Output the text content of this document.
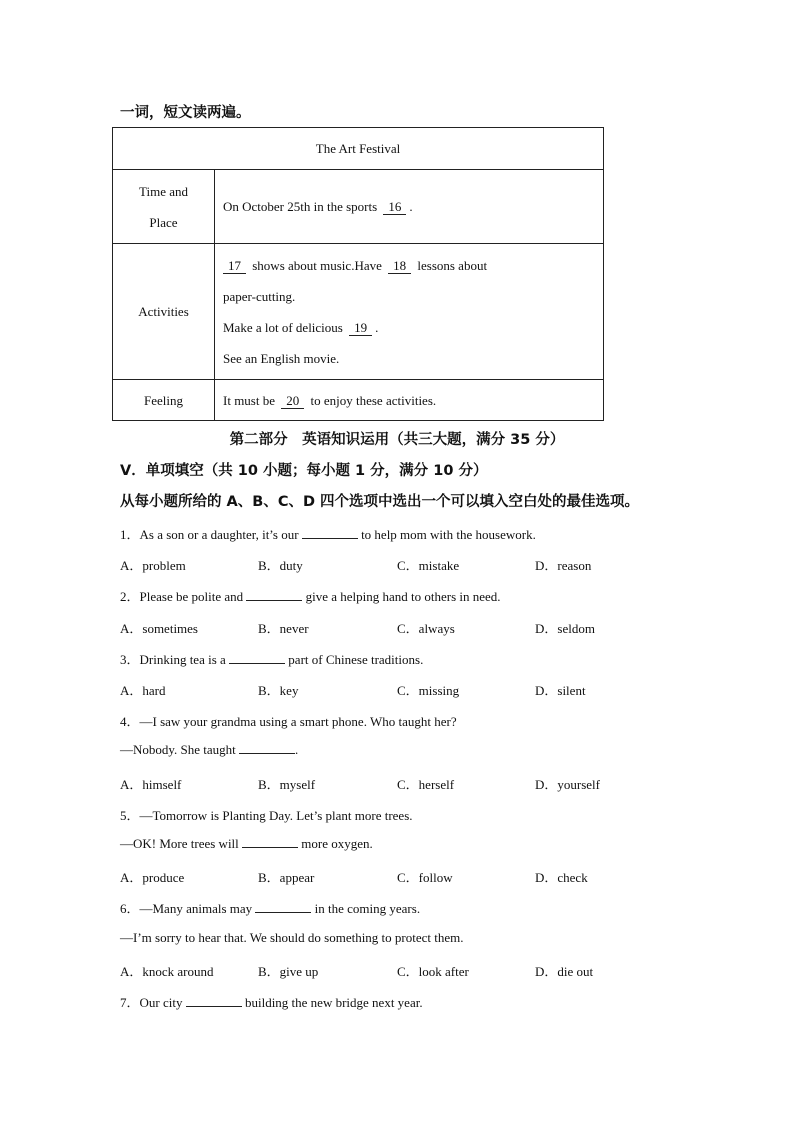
一词，短文读两遍。
The Art Festival	

Time and
Place	On October 25th in the sports 16 .
Activities	17 shows about music.Have 18 lessons about
paper-cutting.
Make a lot of delicious 19 .
See an English movie.

Feeling	It must be 20 to enjoy these activities.
第二部分　英语知识运用（共三大题，满分 35 分）
Ⅴ．单项填空（共 10 小题；每小题 1 分，满分 10 分）
从每小题所给的 A、B、C、D 四个选项中选出一个可以填入空白处的最佳选项。
1．As a son or a daughter, it’s our	to help mom with the housework.
A．problem	B．duty	C．mistake	D．reason
2．Please be polite and	give a helping hand to others in need.
A．sometimes	B．never	C．always	D．seldom
3．Drinking tea is a	part of Chinese traditions.
A．hard	B．key	C．missing	D．silent
4．—I saw your grandma using a smart phone. Who taught her?
—Nobody. She taught	.
A．himself	B．myself	C．herself	D．yourself
5．—Tomorrow is Planting Day. Let’s plant more trees.
—OK! More trees will	more oxygen.
A．produce	B．appear	C．follow	D．check
6．—Many animals may	in the coming years.
—I’m sorry to hear that. We should do something to protect them.
A．knock around	B．give up	C．look after	D．die out
7．Our city	building the new bridge next year.
